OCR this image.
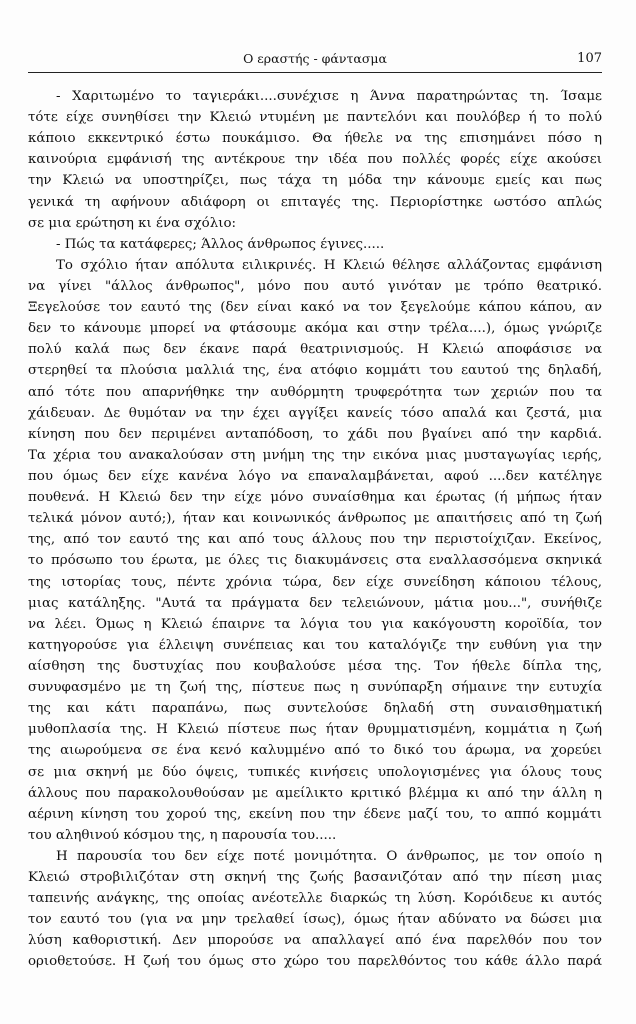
Ο εραστής - φάντασμα	107
- Χαριτωμένο το ταγιεράκι....συνέχισε η Άννα παρατηρώντας τη. Ίσαμε
τότε είχε συνηθίσει την Κλειώ ντυμένη με παντελόνι και πουλόβερ ή το πολύ
κάποιο εκκεντρικό έστω πουκάμισο. Θα ήθελε να της επισημάνει πόσο η
καινούρια εμφάνισή της αντέκρουε την ιδέα που πολλές φορές είχε ακούσει
την Κλειώ να υποστηρίζει, πως τάχα τη μόδα την κάνουμε εμείς και πως
γενικά τη αφήνουν αδιάφορη οι επιταγές της. Περιορίστηκε ωστόσο απλώς
σε μια ερώτηση κι ένα σχόλιο:
- Πώς τα κατάφερες; Άλλος άνθρωπος έγινες.....
Το σχόλιο ήταν απόλυτα ειλικρινές. Η Κλειώ θέλησε αλλάζοντας εμφάνιση
να γίνει "άλλος άνθρωπος", μόνο που αυτό γινόταν με τρόπο θεατρικό.
Ξεγελούσε τον εαυτό της (δεν είναι κακό να τον ξεγελούμε κάπου κάπου, αν
δεν το κάνουμε μπορεί να φτάσουμε ακόμα και στην τρέλα....), όμως γνώριζε
πολύ καλά πως δεν έκανε παρά θεατρινισμούς. Η Κλειώ αποφάσισε να
στερηθεί τα πλούσια μαλλιά της, ένα ατόφιο κομμάτι του εαυτού της δηλαδή,
από τότε που απαρνήθηκε την αυθόρμητη τρυφερότητα των χεριών που τα
χάιδευαν. Δε θυμόταν να την έχει αγγίξει κανείς τόσο απαλά και ζεστά, μια
κίνηση που δεν περιμένει ανταπόδοση, το χάδι που βγαίνει από την καρδιά.
Τα χέρια του ανακαλούσαν στη μνήμη της την εικόνα μιας μυσταγωγίας ιερής,
που όμως δεν είχε κανένα λόγο να επαναλαμβάνεται, αφού ....δεν κατέληγε
πουθενά. Η Κλειώ δεν την είχε μόνο συναίσθημα και έρωτας (ή μήπως ήταν
τελικά μόνον αυτό;), ήταν και κοινωνικός άνθρωπος με απαιτήσεις από τη ζωή
της, από τον εαυτό της και από τους άλλους που την περιστοίχιζαν. Εκείνος,
το πρόσωπο του έρωτα, με όλες τις διακυμάνσεις στα εναλλασσόμενα σκηνικά
της ιστορίας τους, πέντε χρόνια τώρα, δεν είχε συνείδηση κάποιου τέλους,
μιας κατάληξης. "Αυτά τα πράγματα δεν τελειώνουν, μάτια μου...", συνήθιζε
να λέει. Όμως η Κλειώ έπαιρνε τα λόγια του για κακόγουστη κοροϊδία, τον
κατηγορούσε για έλλειψη συνέπειας και του καταλόγιζε την ευθύνη για την
αίσθηση της δυστυχίας που κουβαλούσε μέσα της. Τον ήθελε δίπλα της,
συνυφασμένο με τη ζωή της, πίστευε πως η συνύπαρξη σήμαινε την ευτυχία
της και κάτι παραπάνω, πως συντελούσε δηλαδή στη συναισθηματική
μυθοπλασία της. Η Κλειώ πίστευε πως ήταν θρυμματισμένη, κομμάτια η ζωή
της αιωρούμενα σε ένα κενό καλυμμένο από το δικό του άρωμα, να χορεύει
σε μια σκηνή με δύο όψεις, τυπικές κινήσεις υπολογισμένες για όλους τους
άλλους που παρακολουθούσαν με αμείλικτο κριτικό βλέμμα κι από την άλλη η
αέρινη κίνηση του χορού της, εκείνη που την έδενε μαζί του, το αππό κομμάτι
του αληθινού κόσμου της, η παρουσία του.....
Η παρουσία του δεν είχε ποτέ μονιμότητα. Ο άνθρωπος, με τον οποίο η
Κλειώ στροβιλιζόταν στη σκηνή της ζωής βασανιζόταν από την πίεση μιας
ταπεινής ανάγκης, της οποίας ανέοτελλε διαρκώς τη λύση. Κορόιδευε κι αυτός
τον εαυτό του (για να μην τρελαθεί ίσως), όμως ήταν αδύνατο να δώσει μια
λύση καθοριστική. Δεν μπορούσε να απαλλαγεί από ένα παρελθόν που τον
οριοθετούσε. Η ζωή του όμως στο χώρο του παρελθόντος του κάθε άλλο παρά
